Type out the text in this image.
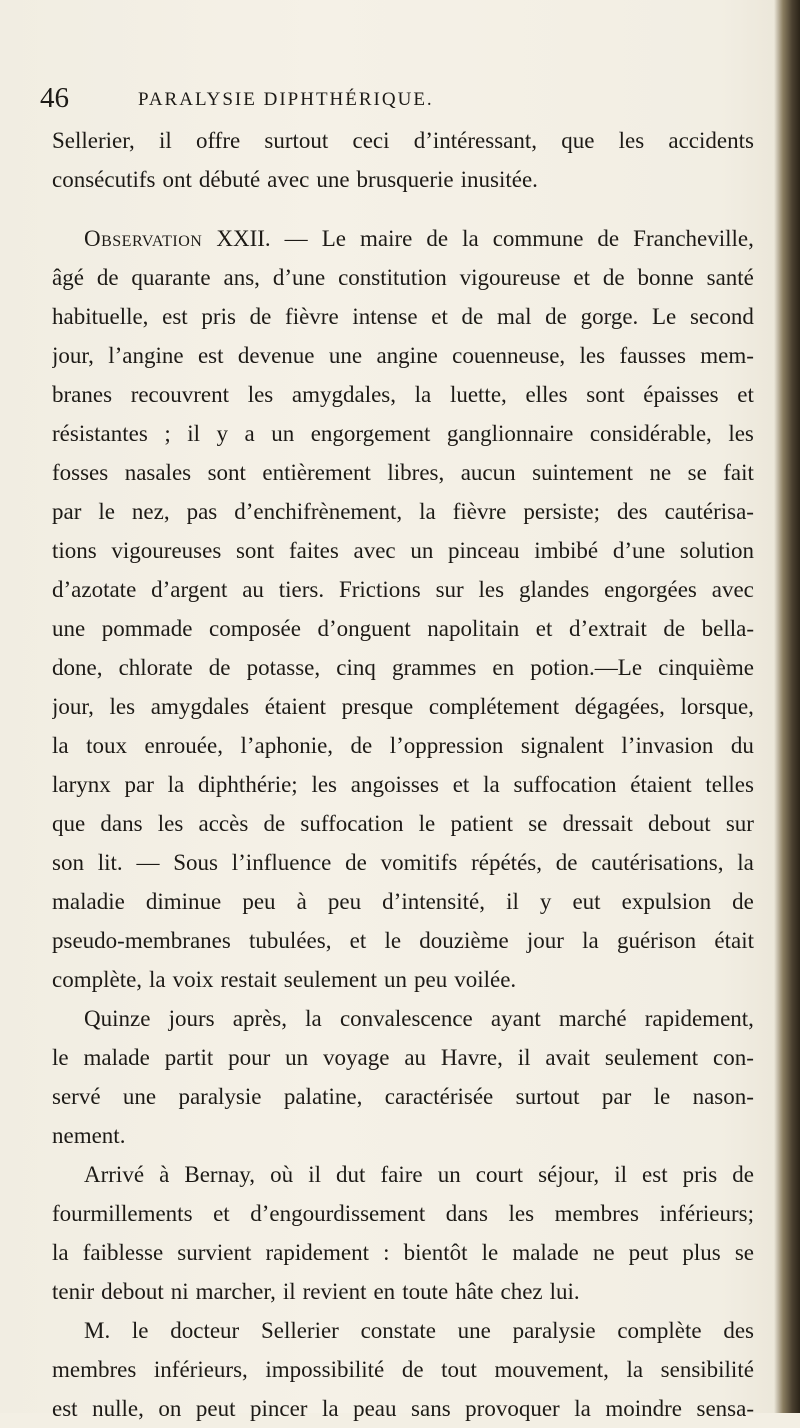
46	PARALYSIE DIPHTHÉRIQUE.
Sellerier, il offre surtout ceci d’intéressant, que les accidents
consécutifs ont débuté avec une brusquerie inusitée.
Observation XXII. — Le maire de la commune de Francheville,
âgé de quarante ans, d’une constitution vigoureuse et de bonne santé
habituelle, est pris de fièvre intense et de mal de gorge. Le second
jour, l’angine est devenue une angine couenneuse, les fausses mem-
branes recouvrent les amygdales, la luette, elles sont épaisses et
résistantes ; il y a un engorgement ganglionnaire considérable, les
fosses nasales sont entièrement libres, aucun suintement ne se fait
par le nez, pas d’enchifrènement, la fièvre persiste; des cautérisa-
tions vigoureuses sont faites avec un pinceau imbibé d’une solution
d’azotate d’argent au tiers. Frictions sur les glandes engorgées avec
une pommade composée d’onguent napolitain et d’extrait de bella-
done, chlorate de potasse, cinq grammes en potion.—Le cinquième
jour, les amygdales étaient presque complétement dégagées, lorsque,
la toux enrouée, l’aphonie, de l’oppression signalent l’invasion du
larynx par la diphthérie; les angoisses et la suffocation étaient telles
que dans les accès de suffocation le patient se dressait debout sur
son lit. — Sous l’influence de vomitifs répétés, de cautérisations, la
maladie diminue peu à peu d’intensité, il y eut expulsion de
pseudo-membranes tubulées, et le douzième jour la guérison était
complète, la voix restait seulement un peu voilée.
Quinze jours après, la convalescence ayant marché rapidement,
le malade partit pour un voyage au Havre, il avait seulement con-
servé une paralysie palatine, caractérisée surtout par le nason-
nement.
Arrivé à Bernay, où il dut faire un court séjour, il est pris de
fourmillements et d’engourdissement dans les membres inférieurs;
la faiblesse survient rapidement : bientôt le malade ne peut plus se
tenir debout ni marcher, il revient en toute hâte chez lui.
M. le docteur Sellerier constate une paralysie complète des
membres inférieurs, impossibilité de tout mouvement, la sensibilité
est nulle, on peut pincer la peau sans provoquer la moindre sensa-
